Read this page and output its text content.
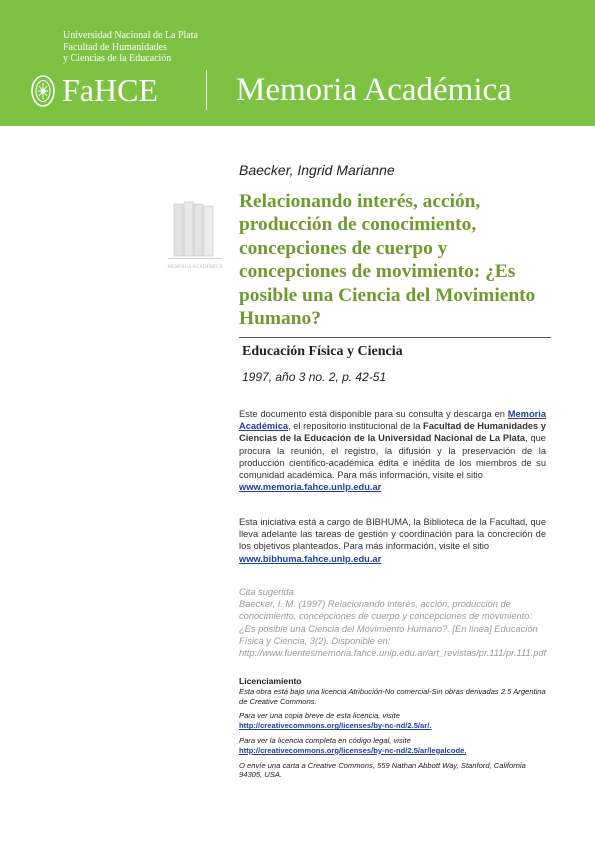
Universidad Nacional de La Plata
Facultad de Humanidades
y Ciencias de la Educación
FaHCE Memoria Académica
MEMORIA ACADÉMICA
Baecker, Ingrid Marianne
Relacionando interés, acción, producción de conocimiento, concepciones de cuerpo y concepciones de movimiento: ¿Es posible una Ciencia del Movimiento Humano?
Educación Física y Ciencia
1997, año 3 no. 2, p. 42-51
Este documento está disponible para su consulta y descarga en Memoria Académica, el repositorio institucional de la Facultad de Humanidades y Ciencias de la Educación de la Universidad Nacional de La Plata, que procura la reunión, el registro, la difusión y la preservación de la producción científico-académica édita e inédita de los miembros de su comunidad académica. Para más información, visite el sitio
www.memoria.fahce.unlp.edu.ar
Esta iniciativa está a cargo de BIBHUMA, la Biblioteca de la Facultad, que lleva adelante las tareas de gestión y coordinación para la concreción de los objetivos planteados. Para más información, visite el sitio
www.bibhuma.fahce.unlp.edu.ar
Cita sugerida
Baecker, I. M. (1997) Relacionando interés, acción, producción de conocimiento, concepciones de cuerpo y concepciones de movimiento: ¿Es posible una Ciencia del Movimiento Humano?. [En línea] Educación Física y Ciencia, 3(2). Disponible en: http://www.fuentesmemoria.fahce.unlp.edu.ar/art_revistas/pr.111/pr.111.pdf
Licenciamiento
Esta obra está bajo una licencia Atribución-No comercial-Sin obras derivadas 2.5 Argentina de Creative Commons.
Para ver una copia breve de esta licencia, visite
http://creativecommons.org/licenses/by-nc-nd/2.5/ar/.
Para ver la licencia completa en código legal, visite
http://creativecommons.org/licenses/by-nc-nd/2.5/ar/legalcode.
O envíe una carta a Creative Commons, 559 Nathan Abbott Way, Stanford, California 94305, USA.
